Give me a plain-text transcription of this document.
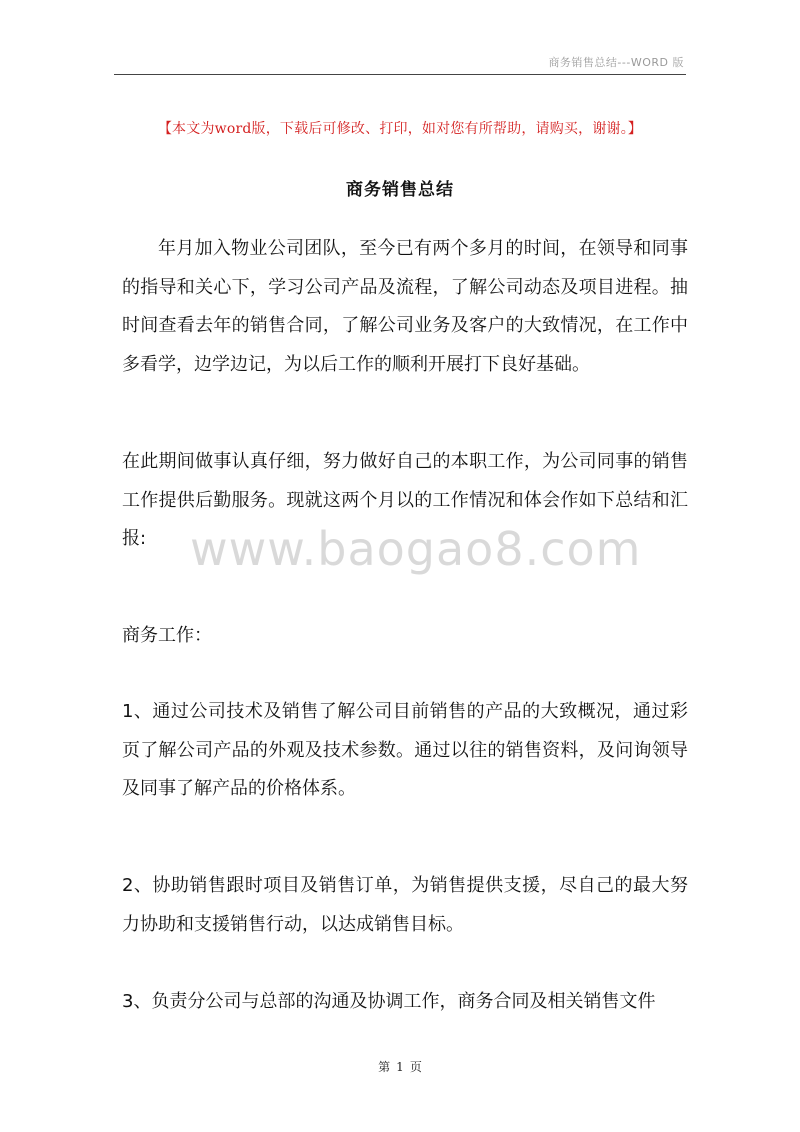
商务销售总结---WORD 版
【本文为word版，下载后可修改、打印，如对您有所帮助，请购买，谢谢。】
商务销售总结

年月加入物业公司团队，至今已有两个多月的时间，在领导和同事的指导和关心下，学习公司产品及流程，了解公司动态及项目进程。抽时间查看去年的销售合同，了解公司业务及客户的大致情况，在工作中多看学，边学边记，为以后工作的顺利开展打下良好基础。

在此期间做事认真仔细，努力做好自己的本职工作，为公司同事的销售工作提供后勤服务。现就这两个月以的工作情况和体会作如下总结和汇报:

商务工作：

1、通过公司技术及销售了解公司目前销售的产品的大致概况，通过彩页了解公司产品的外观及技术参数。通过以往的销售资料，及问询领导及同事了解产品的价格体系。

2、协助销售跟时项目及销售订单，为销售提供支援，尽自己的最大努力协助和支援销售行动，以达成销售目标。

3、负责分公司与总部的沟通及协调工作，商务合同及相关销售文件

www.baogao8.com
第 1 页
